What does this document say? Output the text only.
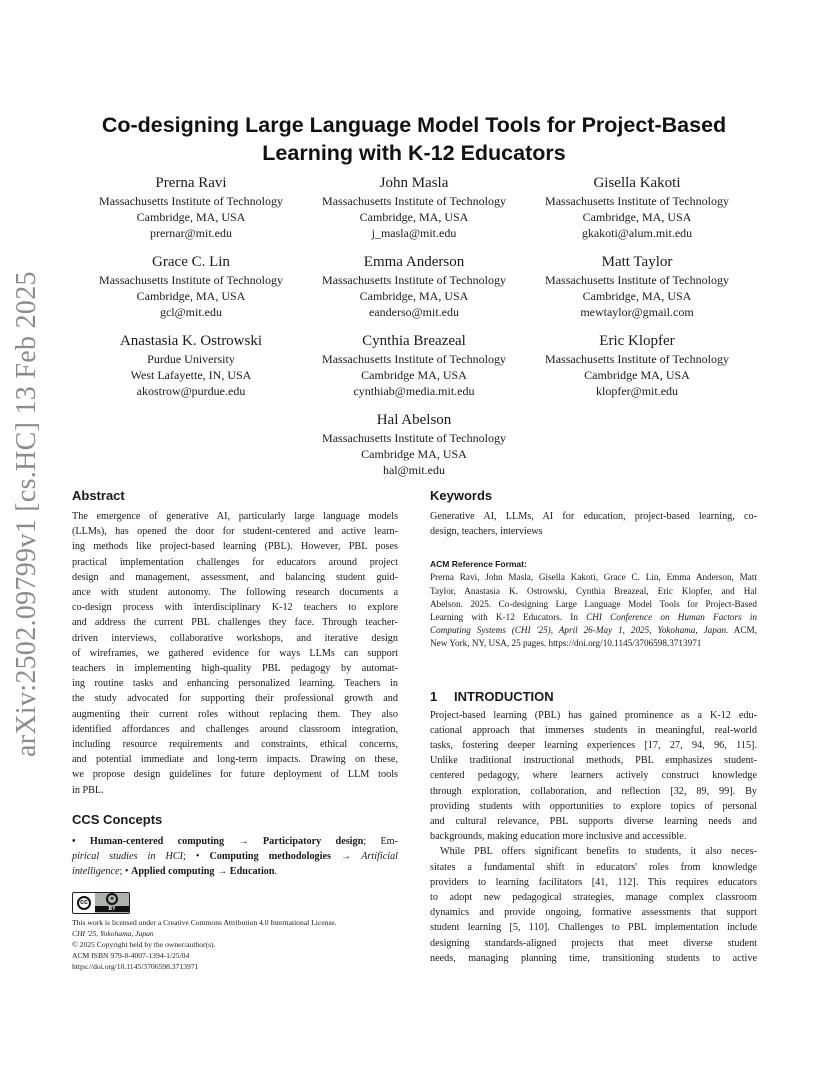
arXiv:2502.09799v1 [cs.HC] 13 Feb 2025
Co-designing Large Language Model Tools for Project-Based
Learning with K-12 Educators
Prerna Ravi
Massachusetts Institute of Technology
Cambridge, MA, USA
prernar@mit.edu
John Masla
Massachusetts Institute of Technology
Cambridge, MA, USA
j_masla@mit.edu
Gisella Kakoti
Massachusetts Institute of Technology
Cambridge, MA, USA
gkakoti@alum.mit.edu
Grace C. Lin
Massachusetts Institute of Technology
Cambridge, MA, USA
gcl@mit.edu
Emma Anderson
Massachusetts Institute of Technology
Cambridge, MA, USA
eanderso@mit.edu
Matt Taylor
Massachusetts Institute of Technology
Cambridge, MA, USA
mewtaylor@gmail.com
Anastasia K. Ostrowski
Purdue University
West Lafayette, IN, USA
akostrow@purdue.edu
Cynthia Breazeal
Massachusetts Institute of Technology
Cambridge MA, USA
cynthiab@media.mit.edu
Eric Klopfer
Massachusetts Institute of Technology
Cambridge MA, USA
klopfer@mit.edu
Hal Abelson
Massachusetts Institute of Technology
Cambridge MA, USA
hal@mit.edu
Abstract
The emergence of generative AI, particularly large language models
(LLMs), has opened the door for student-centered and active learn-
ing methods like project-based learning (PBL). However, PBL poses
practical implementation challenges for educators around project
design and management, assessment, and balancing student guid-
ance with student autonomy. The following research documents a
co-design process with interdisciplinary K-12 teachers to explore
and address the current PBL challenges they face. Through teacher-
driven interviews, collaborative workshops, and iterative design
of wireframes, we gathered evidence for ways LLMs can support
teachers in implementing high-quality PBL pedagogy by automat-
ing routine tasks and enhancing personalized learning. Teachers in
the study advocated for supporting their professional growth and
augmenting their current roles without replacing them. They also
identified affordances and challenges around classroom integration,
including resource requirements and constraints, ethical concerns,
and potential immediate and long-term impacts. Drawing on these,
we propose design guidelines for future deployment of LLM tools
in PBL.
CCS Concepts
• Human-centered computing → Participatory design; Em-
pirical studies in HCI; • Computing methodologies → Artificial
intelligence; • Applied computing → Education.
cc	●
BY
This work is licensed under a Creative Commons Attribution 4.0 International License.
CHI '25, Yokohama, Japan
© 2025 Copyright held by the owner/author(s).
ACM ISBN 979-8-4007-1394-1/25/04
https://doi.org/10.1145/3706598.3713971
Keywords
Generative AI, LLMs, AI for education, project-based learning, co-
design, teachers, interviews

ACM Reference Format:

Prerna Ravi, John Masla, Gisella Kakoti, Grace C. Lin, Emma Anderson, Matt
Taylor, Anastasia K. Ostrowski, Cynthia Breazeal, Eric Klopfer, and Hal
Abelson. 2025. Co-designing Large Language Model Tools for Project-Based
Learning with K-12 Educators. In CHI Conference on Human Factors in
Computing Systems (CHI '25), April 26-May 1, 2025, Yokohama, Japan. ACM,
New York, NY, USA, 25 pages. https://doi.org/10.1145/3706598.3713971
1 INTRODUCTION
Project-based learning (PBL) has gained prominence as a K-12 edu-
cational approach that immerses students in meaningful, real-world
tasks, fostering deeper learning experiences [17, 27, 94, 96, 115].
Unlike traditional instructional methods, PBL emphasizes student-
centered pedagogy, where learners actively construct knowledge
through exploration, collaboration, and reflection [32, 89, 99]. By
providing students with opportunities to explore topics of personal
and cultural relevance, PBL supports diverse learning needs and
backgrounds, making education more inclusive and accessible.
While PBL offers significant benefits to students, it also neces-
sitates a fundamental shift in educators' roles from knowledge
providers to learning facilitators [41, 112]. This requires educators
to adopt new pedagogical strategies, manage complex classroom
dynamics and provide ongoing, formative assessments that support
student learning [5, 110]. Challenges to PBL implementation include
designing standards-aligned projects that meet diverse student
needs, managing planning time, transitioning students to active
